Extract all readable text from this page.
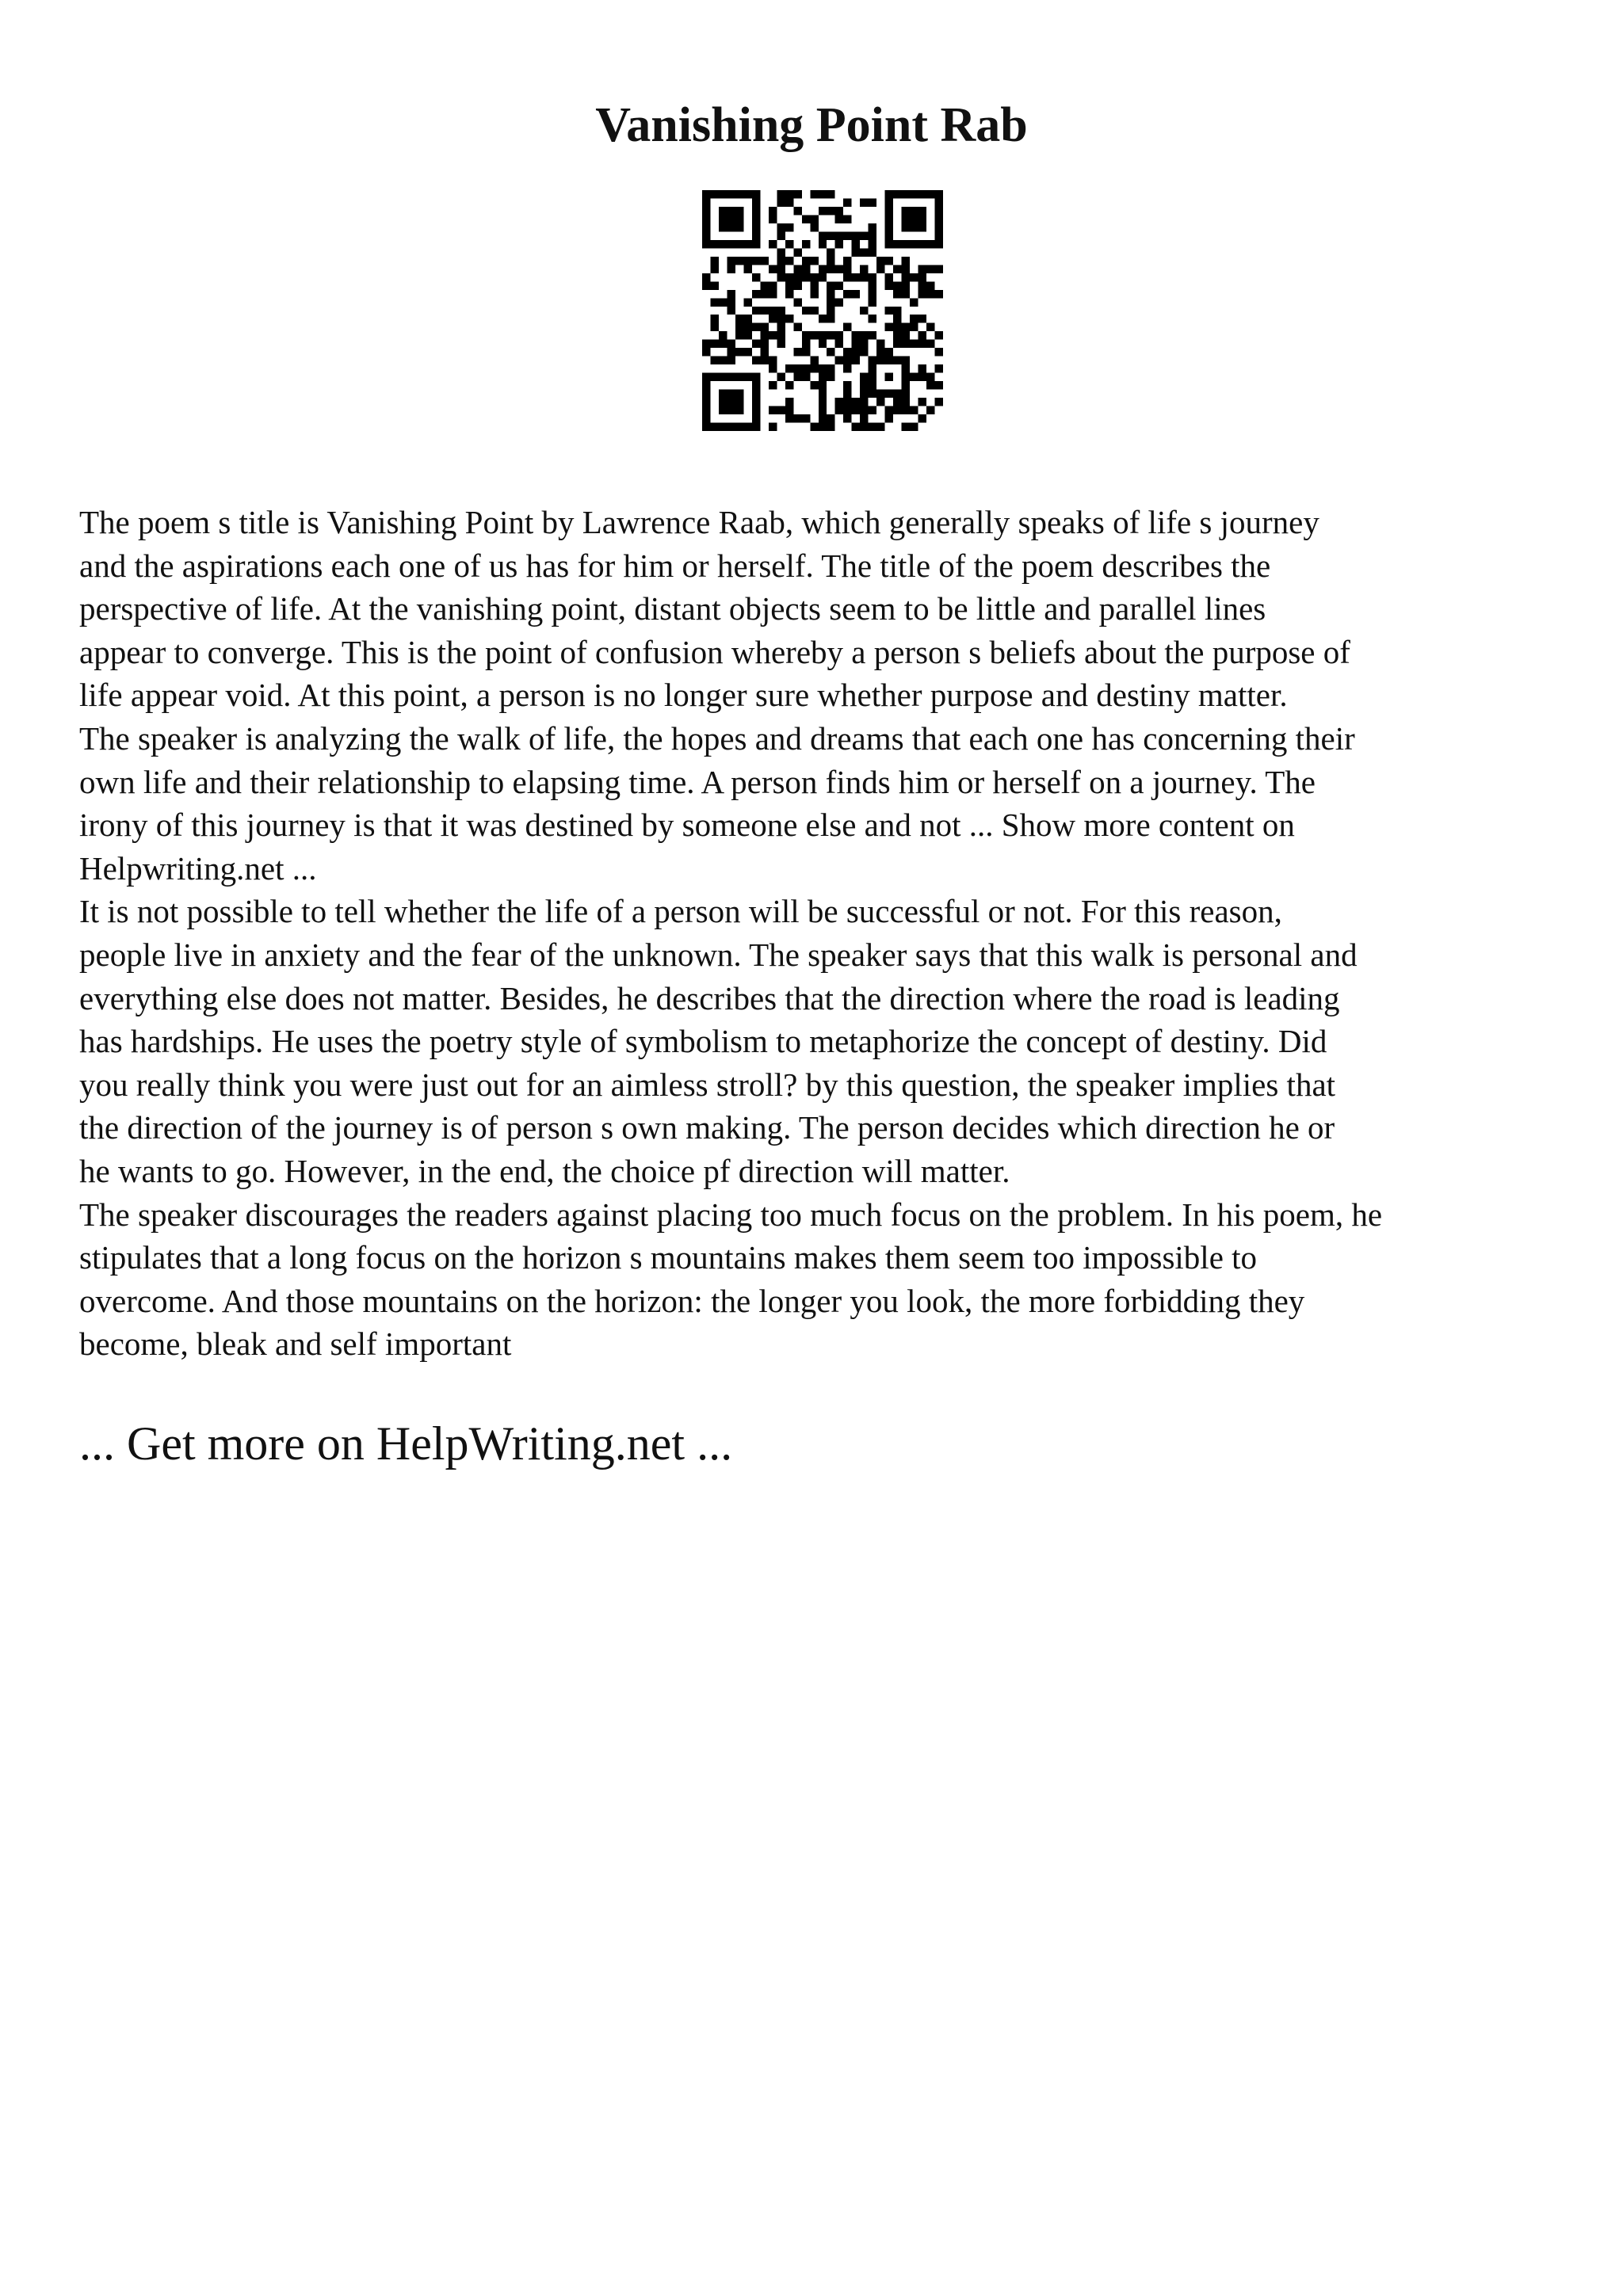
Vanishing Point Rab
The poem s title is Vanishing Point by Lawrence Raab, which generally speaks of life s journey
and the aspirations each one of us has for him or herself. The title of the poem describes the
perspective of life. At the vanishing point, distant objects seem to be little and parallel lines
appear to converge. This is the point of confusion whereby a person s beliefs about the purpose of
life appear void. At this point, a person is no longer sure whether purpose and destiny matter.
The speaker is analyzing the walk of life, the hopes and dreams that each one has concerning their
own life and their relationship to elapsing time. A person finds him or herself on a journey. The
irony of this journey is that it was destined by someone else and not ... Show more content on
Helpwriting.net ...
It is not possible to tell whether the life of a person will be successful or not. For this reason,
people live in anxiety and the fear of the unknown. The speaker says that this walk is personal and
everything else does not matter. Besides, he describes that the direction where the road is leading
has hardships. He uses the poetry style of symbolism to metaphorize the concept of destiny. Did
you really think you were just out for an aimless stroll? by this question, the speaker implies that
the direction of the journey is of person s own making. The person decides which direction he or
he wants to go. However, in the end, the choice pf direction will matter.
The speaker discourages the readers against placing too much focus on the problem. In his poem, he
stipulates that a long focus on the horizon s mountains makes them seem too impossible to
overcome. And those mountains on the horizon: the longer you look, the more forbidding they
become, bleak and self important
... Get more on HelpWriting.net ...
